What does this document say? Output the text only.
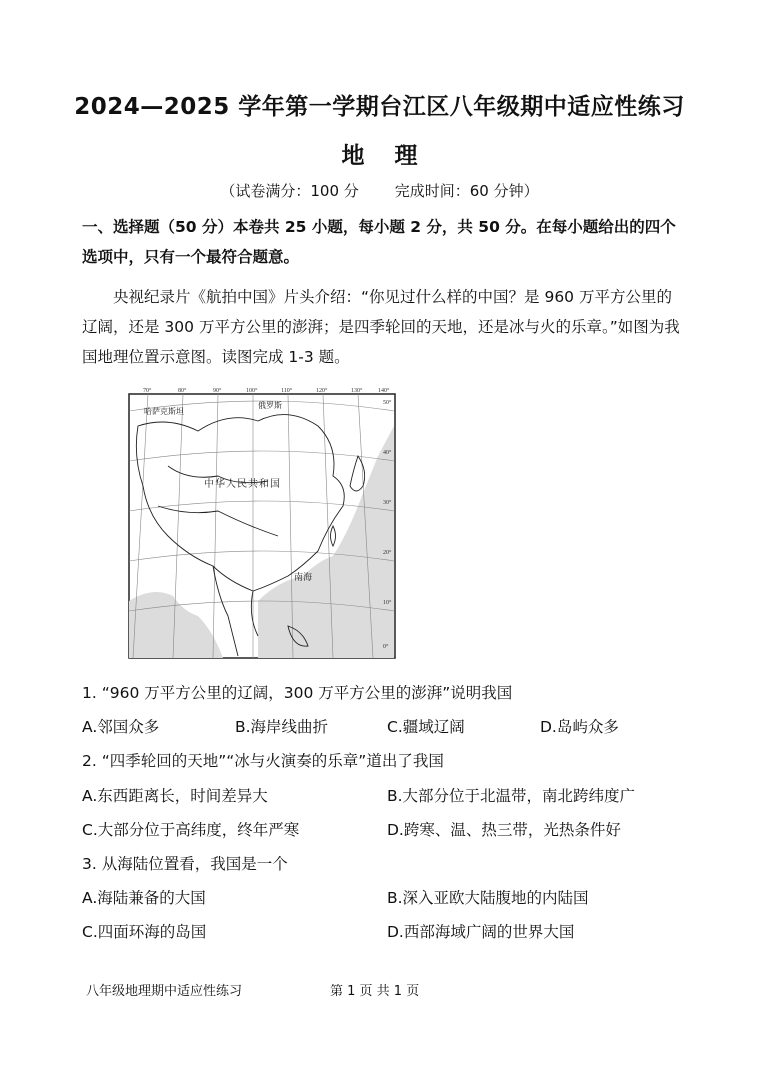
2024—2025 学年第一学期台江区八年级期中适应性练习
地 理
（试卷满分：100 分 完成时间：60 分钟）
一、选择题（50 分）本卷共 25 小题，每小题 2 分，共 50 分。在每小题给出的四个选项中，只有一个最符合题意。
央视纪录片《航拍中国》片头介绍：“你见过什么样的中国？是 960 万平方公里的辽阔，还是 300 万平方公里的澎湃；是四季轮回的天地，还是冰与火的乐章。”如图为我国地理位置示意图。读图完成 1-3 题。
70°	80°	90°	100°	110°	120°	130°	140°
50°
40°
30°
20°
10°
0°
哈萨克斯坦
俄罗斯
中华人民共和国
南海
1. “960 万平方公里的辽阔，300 万平方公里的澎湃”说明我国
A.邻国众多	B.海岸线曲折	C.疆域辽阔	D.岛屿众多
2. “四季轮回的天地”“冰与火演奏的乐章”道出了我国
A.东西距离长，时间差异大	B.大部分位于北温带，南北跨纬度广
C.大部分位于高纬度，终年严寒	D.跨寒、温、热三带，光热条件好
3. 从海陆位置看，我国是一个
A.海陆兼备的大国	B.深入亚欧大陆腹地的内陆国
C.四面环海的岛国	D.西部海域广阔的世界大国
八年级地理期中适应性练习	第 1 页 共 1 页
